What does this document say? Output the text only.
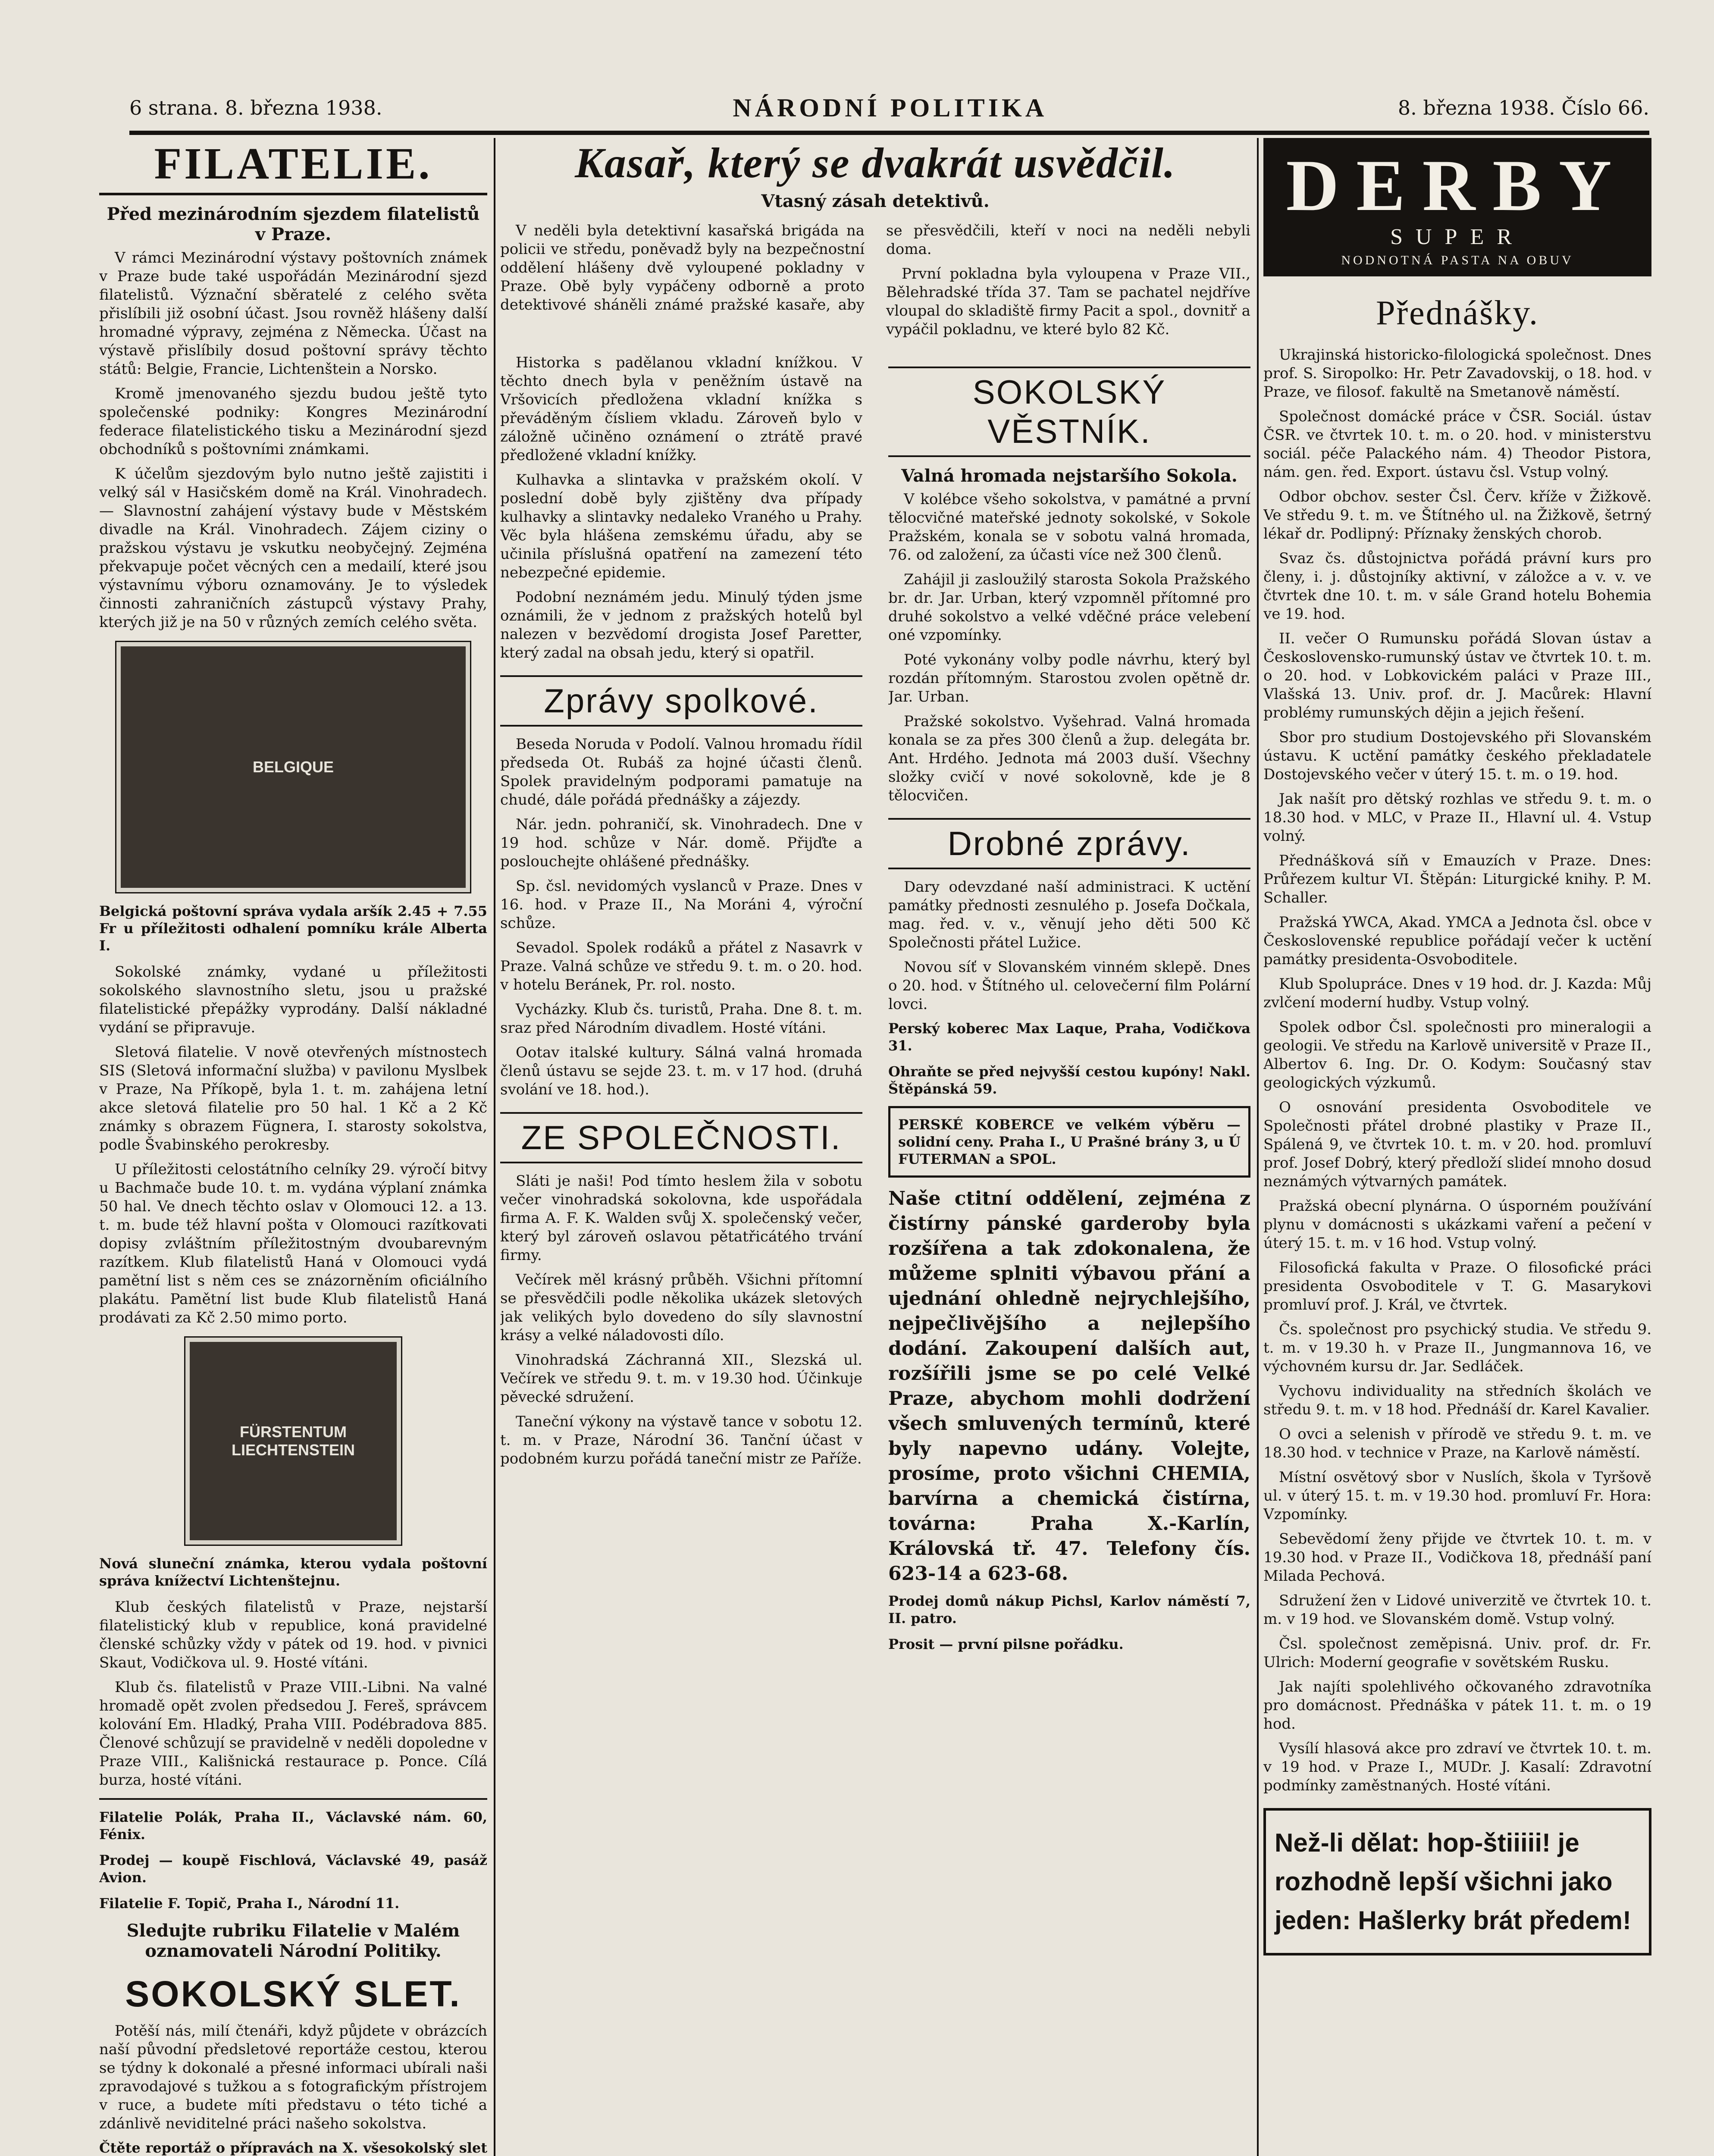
6 strana. 8. března 1938.	NÁRODNÍ POLITIKA	8. března 1938. Číslo 66.
FILATELIE.
Před mezinárodním sjezdem filatelistů v Praze.

V rámci Mezinárodní výstavy poštovních známek v Praze bude také uspořádán Mezinárodní sjezd filatelistů. Význační sběratelé z celého světa přislíbili již osobní účast. Jsou rovněž hlášeny další hromadné výpravy, zejména z Německa. Účast na výstavě přislíbily dosud poštovní správy těchto států: Belgie, Francie, Lichtenštein a Norsko.

Kromě jmenovaného sjezdu budou ještě tyto společenské podniky: Kongres Mezinárodní federace filatelistického tisku a Mezinárodní sjezd obchodníků s poštovními známkami.

K účelům sjezdovým bylo nutno ještě zajistiti i velký sál v Hasičském domě na Král. Vinohradech. — Slavnostní zahájení výstavy bude v Městském divadle na Král. Vinohradech. Zájem ciziny o pražskou výstavu je vskutku neobyčejný. Zejména překvapuje počet věcných cen a medailí, které jsou výstavnímu výboru oznamovány. Je to výsledek činnosti zahraničních zástupců výstavy Prahy, kterých již je na 50 v různých zemích celého světa.

BELGIQUE
Belgická poštovní správa vydala aršík 2.45 + 7.55 Fr u příležitosti odhalení pomníku krále Alberta I.

Sokolské známky, vydané u příležitosti sokolského slavnostního sletu, jsou u pražské filatelistické přepážky vyprodány. Další nákladné vydání se připravuje.

Sletová filatelie. V nově otevřených místnostech SIS (Sletová informační služba) v pavilonu Myslbek v Praze, Na Příkopě, byla 1. t. m. zahájena letní akce sletová filatelie pro 50 hal. 1 Kč a 2 Kč známky s obrazem Fügnera, I. starosty sokolstva, podle Švabinského perokresby.

U příležitosti celostátního celníky 29. výročí bitvy u Bachmače bude 10. t. m. vydána výplaní známka 50 hal. Ve dnech těchto oslav v Olomouci 12. a 13. t. m. bude též hlavní pošta v Olomouci razítkovati dopisy zvláštním příležitostným dvoubarevným razítkem. Klub filatelistů Haná v Olomouci vydá pamětní list s něm ces se znázorněním oficiálního plakátu. Pamětní list bude Klub filatelistů Haná prodávati za Kč 2.50 mimo porto.

FÜRSTENTUM LIECHTENSTEIN
Nová sluneční známka, kterou vydala poštovní správa knížectví Lichtenštejnu.

Klub českých filatelistů v Praze, nejstarší filatelistický klub v republice, koná pravidelné členské schůzky vždy v pátek od 19. hod. v pivnici Skaut, Vodičkova ul. 9. Hosté vítáni.

Klub čs. filatelistů v Praze VIII.-Libni. Na valné hromadě opět zvolen předsedou J. Fereš, správcem kolování Em. Hladký, Praha VIII. Podébradova 885. Členové schůzují se pravidelně v neděli dopoledne v Praze VIII., Kališnická restaurace p. Ponce. Cílá burza, hosté vítáni.

Filatelie Polák, Praha II., Václavské nám. 60, Fénix.
Prodej — koupě Fischlová, Václavské 49, pasáž Avion.
Filatelie F. Topič, Praha I., Národní 11.
Sledujte rubriku Filatelie v Malém oznamovateli Národní Politiky.
SOKOLSKÝ SLET.

Potěší nás, milí čtenáři, když půjdete v obrázcích naší původní předsletové reportáže cestou, kterou se týdny k dokonalé a přesné informaci ubírali naši zpravodajové s tužkou a s fotografickým přístrojem v ruce, a budete míti představu o této tiché a zdánlivě neviditelné práci našeho sokolstva.

Čtěte reportáž o přípravách na X. všesokolský slet
Kasař, který se dvakrát usvědčil.
Vtasný zásah detektivů.

V neděli byla detektivní kasařská brigáda na policii ve středu, poněvadž byly na bezpečnostní oddělení hlášeny dvě vyloupené pokladny v Praze. Obě byly vypáčeny odborně a proto detektivové sháněli známé pražské kasaře, aby se přesvědčili, kteří v noci na neděli nebyli doma.

První pokladna byla vyloupena v Praze VII., Bělehradské třída 37. Tam se pachatel nejdříve vloupal do skladiště firmy Pacit a spol., dovnitř a vypáčil pokladnu, ve které bylo 82 Kč.

Historka s padělanou vkladní knížkou. V těchto dnech byla v peněžním ústavě na Vršovicích předložena vkladní knížka s převáděným čísliem vkladu. Zároveň bylo v záložně učiněno oznámení o ztrátě pravé předložené vkladní knížky.

Kulhavka a slintavka v pražském okolí. V poslední době byly zjištěny dva případy kulhavky a slintavky nedaleko Vraného u Prahy. Věc byla hlášena zemskému úřadu, aby se učinila příslušná opatření na zamezení této nebezpečné epidemie.

Podobní neznámém jedu. Minulý týden jsme oznámili, že v jednom z pražských hotelů byl nalezen v bezvědomí drogista Josef Paretter, který zadal na obsah jedu, který si opatřil.

Zprávy spolkové.

Beseda Noruda v Podolí. Valnou hromadu řídil předseda Ot. Rubáš za hojné účasti členů. Spolek pravidelným podporami pamatuje na chudé, dále pořádá přednášky a zájezdy.

Nár. jedn. pohraničí, sk. Vinohradech. Dne v 19 hod. schůze v Nár. domě. Přijďte a poslouchejte ohlášené přednášky.

Sp. čsl. nevidomých vyslanců v Praze. Dnes v 16. hod. v Praze II., Na Moráni 4, výroční schůze.

Sevadol. Spolek rodáků a přátel z Nasavrk v Praze. Valná schůze ve středu 9. t. m. o 20. hod. v hotelu Beránek, Pr. rol. nosto.

Vycházky. Klub čs. turistů, Praha. Dne 8. t. m. sraz před Národním divadlem. Hosté vítáni.

Ootav italské kultury. Sálná valná hromada členů ústavu se sejde 23. t. m. v 17 hod. (druhá svolání ve 18. hod.).

ZE SPOLEČNOSTI.

Sláti je naši! Pod tímto heslem žila v sobotu večer vinohradská sokolovna, kde uspořádala firma A. F. K. Walden svůj X. společenský večer, který byl zároveň oslavou pětatřicátého trvání firmy.

Večírek měl krásný průběh. Všichni přítomní se přesvědčili podle několika ukázek sletových jak velikých bylo dovedeno do síly slavnostní krásy a velké náladovosti dílo.

Vinohradská Záchranná XII., Slezská ul. Večírek ve středu 9. t. m. v 19.30 hod. Účinkuje pěvecké sdružení.

Taneční výkony na výstavě tance v sobotu 12. t. m. v Praze, Národní 36. Tanční účast v podobném kurzu pořádá taneční mistr ze Paříže.

SOKOLSKÝ VĚSTNÍK.
Valná hromada nejstaršího Sokola.

V kolébce všeho sokolstva, v památné a první tělocvičné mateřské jednoty sokolské, v Sokole Pražském, konala se v sobotu valná hromada, 76. od založení, za účasti více než 300 členů.

Zahájil ji zasloužilý starosta Sokola Pražského br. dr. Jar. Urban, který vzpomněl přítomné pro druhé sokolstvo a velké vděčné práce velebení oné vzpomínky.

Poté vykonány volby podle návrhu, který byl rozdán přítomným. Starostou zvolen opětně dr. Jar. Urban.

Pražské sokolstvo. Vyšehrad. Valná hromada konala se za přes 300 členů a žup. delegáta br. Ant. Hrdého. Jednota má 2003 duší. Všechny složky cvičí v nové sokolovně, kde je 8 tělocvičen.

Drobné zprávy.

Dary odevzdané naší administraci. K uctění památky přednosti zesnulého p. Josefa Dočkala, mag. řed. v. v., věnují jeho děti 500 Kč Společnosti přátel Lužice.

Novou síť v Slovanském vinném sklepě. Dnes o 20. hod. v Štítného ul. celovečerní film Polární lovci.

Perský koberec Max Laque, Praha, Vodičkova 31.
Ohraňte se před nejvyšší cestou kupóny! Nakl. Štěpánská 59.
PERSKÉ KOBERCE ve velkém výběru — solidní ceny. Praha I., U Prašné brány 3, u Ú FUTERMAN a SPOL.

Naše ctitní oddělení, zejména z čistírny pánské garderoby byla rozšířena a tak zdokonalena, že můžeme splniti výbavou přání a ujednání ohledně nejrychlejšího, nejpečlivějšího a nejlepšího dodání. Zakoupení dalších aut, rozšířili jsme se po celé Velké Praze, abychom mohli dodržení všech smluvených termínů, které byly napevno udány. Volejte, prosíme, proto všichni CHEMIA, barvírna a chemická čistírna, továrna: Praha X.-Karlín, Královská tř. 47. Telefony čís. 623-14 a 623-68.

Prodej domů nákup Pichsl, Karlov náměstí 7, II. patro.
Prosit — první pilsne pořádku.
DERBY
SUPER
NODNOTNÁ PASTA NA OBUV
Přednášky.

Ukrajinská historicko-filologická společnost. Dnes prof. S. Siropolko: Hr. Petr Zavadovskij, o 18. hod. v Praze, ve filosof. fakultě na Smetanově náměstí.

Společnost domácké práce v ČSR. Sociál. ústav ČSR. ve čtvrtek 10. t. m. o 20. hod. v ministerstvu sociál. péče Palackého nám. 4) Theodor Pistora, nám. gen. řed. Export. ústavu čsl. Vstup volný.

Odbor obchov. sester Čsl. Červ. kříže v Žižkově. Ve středu 9. t. m. ve Štítného ul. na Žižkově, šetrný lékař dr. Podlipný: Příznaky ženských chorob.

Svaz čs. důstojnictva pořádá právní kurs pro členy, i. j. důstojníky aktivní, v záložce a v. v. ve čtvrtek dne 10. t. m. v sále Grand hotelu Bohemia ve 19. hod.

II. večer O Rumunsku pořádá Slovan ústav a Československo-rumunský ústav ve čtvrtek 10. t. m. o 20. hod. v Lobkovickém paláci v Praze III., Vlašská 13. Univ. prof. dr. J. Macůrek: Hlavní problémy rumunských dějin a jejich řešení.

Sbor pro studium Dostojevského při Slovanském ústavu. K uctění památky českého překladatele Dostojevského večer v úterý 15. t. m. o 19. hod.

Jak našít pro dětský rozhlas ve středu 9. t. m. o 18.30 hod. v MLC, v Praze II., Hlavní ul. 4. Vstup volný.

Přednášková síň v Emauzích v Praze. Dnes: Průřezem kultur VI. Štěpán: Liturgické knihy. P. M. Schaller.

Pražská YWCA, Akad. YMCA a Jednota čsl. obce v Československé republice pořádají večer k uctění památky presidenta-Osvoboditele.

Klub Spolupráce. Dnes v 19 hod. dr. J. Kazda: Můj zvlčení moderní hudby. Vstup volný.

Spolek odbor Čsl. společnosti pro mineralogii a geologii. Ve středu na Karlově universitě v Praze II., Albertov 6. Ing. Dr. O. Kodym: Současný stav geologických výzkumů.

O osnování presidenta Osvoboditele ve Společnosti přátel drobné plastiky v Praze II., Spálená 9, ve čtvrtek 10. t. m. v 20. hod. promluví prof. Josef Dobrý, který předloží slideí mnoho dosud neznámých výtvarných památek.

Pražská obecní plynárna. O úsporném používání plynu v domácnosti s ukázkami vaření a pečení v úterý 15. t. m. v 16 hod. Vstup volný.

Filosofická fakulta v Praze. O filosofické práci presidenta Osvoboditele v T. G. Masarykovi promluví prof. J. Král, ve čtvrtek.

Čs. společnost pro psychický studia. Ve středu 9. t. m. v 19.30 h. v Praze II., Jungmannova 16, ve výchovném kursu dr. Jar. Sedláček.

Vychovu individuality na středních školách ve středu 9. t. m. v 18 hod. Přednáší dr. Karel Kavalier.

O ovci a selenish v přírodě ve středu 9. t. m. ve 18.30 hod. v technice v Praze, na Karlově náměstí.

Místní osvětový sbor v Nuslích, škola v Tyršově ul. v úterý 15. t. m. v 19.30 hod. promluví Fr. Hora: Vzpomínky.

Sebevědomí ženy přijde ve čtvrtek 10. t. m. v 19.30 hod. v Praze II., Vodičkova 18, přednáší paní Milada Pechová.

Sdružení žen v Lidové univerzitě ve čtvrtek 10. t. m. v 19 hod. ve Slovanském domě. Vstup volný.

Čsl. společnost zeměpisná. Univ. prof. dr. Fr. Ulrich: Moderní geografie v sovětském Rusku.

Jak najíti spolehlivého očkovaného zdravotníka pro domácnost. Přednáška v pátek 11. t. m. o 19 hod.

Vysílí hlasová akce pro zdraví ve čtvrtek 10. t. m. v 19 hod. v Praze I., MUDr. J. Kasalí: Zdravotní podmínky zaměstnaných. Hosté vítáni.

Než-li dělat: hop-štiiiii! je rozhodně lepší všichni jako jeden: Hašlerky brát předem!
